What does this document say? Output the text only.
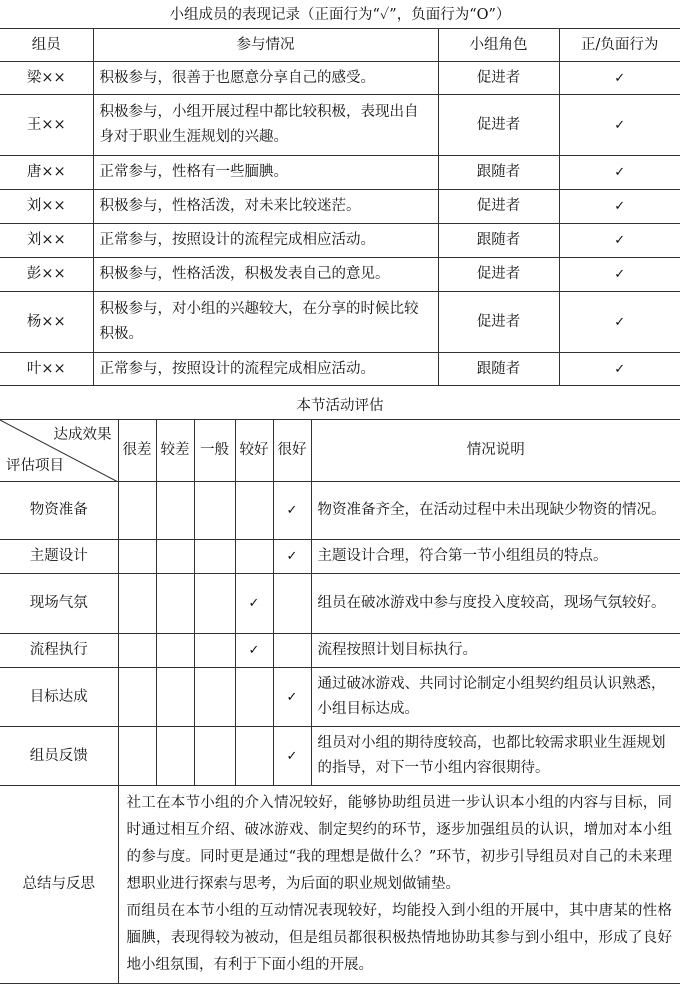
小组成员的表现记录（正面行为“✓”，负面行为“O”）
组员	参与情况	小组角色	正/负面行为
梁××	积极参与，很善于也愿意分享自己的感受。	促进者	✓
王××	积极参与，小组开展过程中都比较积极，表现出自身对于职业生涯规划的兴趣。	促进者	✓
唐××	正常参与，性格有一些腼腆。	跟随者	✓
刘××	积极参与，性格活泼，对未来比较迷茫。	促进者	✓
刘××	正常参与，按照设计的流程完成相应活动。	跟随者	✓
彭××	积极参与，性格活泼，积极发表自己的意见。	促进者	✓
杨××	积极参与，对小组的兴趣较大，在分享的时候比较积极。	促进者	✓
叶××	正常参与，按照设计的流程完成相应活动。	跟随者	✓
本节活动评估
达成效果
评估项目	很差	较差	一般	较好	很好	情况说明
物资准备					✓	物资准备齐全，在活动过程中未出现缺少物资的情况。
主题设计					✓	主题设计合理，符合第一节小组组员的特点。
现场气氛				✓		组员在破冰游戏中参与度投入度较高，现场气氛较好。
流程执行				✓		流程按照计划目标执行。
目标达成					✓	通过破冰游戏、共同讨论制定小组契约组员认识熟悉，小组目标达成。
组员反馈					✓	组员对小组的期待度较高，也都比较需求职业生涯规划的指导，对下一节小组内容很期待。
总结与反思	社工在本节小组的介入情况较好，能够协助组员进一步认识本小组的内容与目标，同时通过相互介绍、破冰游戏、制定契约的环节，逐步加强组员的认识，增加对本小组的参与度。同时更是通过“我的理想是做什么？”环节，初步引导组员对自己的未来理想职业进行探索与思考，为后面的职业规划做铺垫。

而组员在本节小组的互动情况表现较好，均能投入到小组的开展中，其中唐某的性格腼腆，表现得较为被动，但是组员都很积极热情地协助其参与到小组中，形成了良好地小组氛围，有利于下面小组的开展。					
